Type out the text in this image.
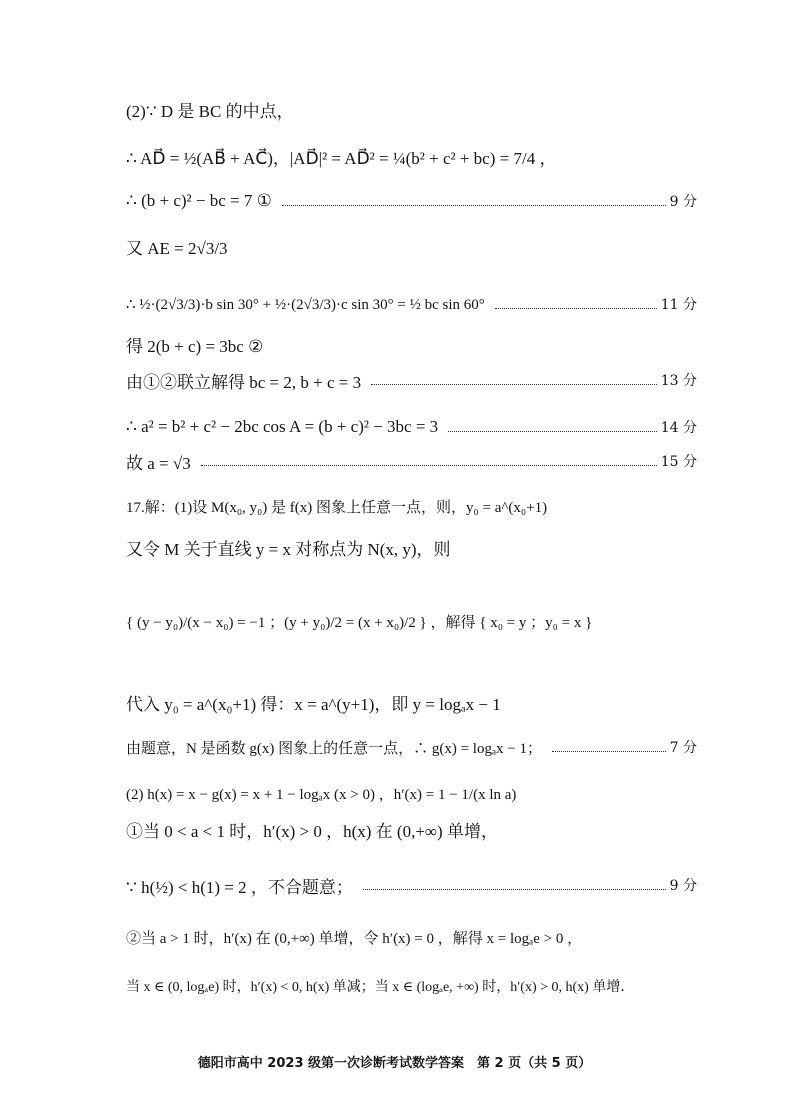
(2)∵ D 是 BC 的中点，
∴ AD⃗ = ½(AB⃗ + AC⃗)，|AD⃗|² = AD⃗² = ¼(b² + c² + bc) = 7/4 ，
∴ (b + c)² − bc = 7 ①	9 分
又 AE = 2√3/3
∴ ½·(2√3/3)·b sin 30° + ½·(2√3/3)·c sin 30° = ½ bc sin 60°	11 分
得 2(b + c) = 3bc ②
由①②联立解得 bc = 2, b + c = 3	13 分
∴ a² = b² + c² − 2bc cos A = (b + c)² − 3bc = 3	14 分
故 a = √3	15 分
17.解：(1)设 M(x₀, y₀) 是 f(x) 图象上任意一点，则，y₀ = a^(x₀+1)
又令 M 关于直线 y = x 对称点为 N(x, y)，则
{ (y − y₀)/(x − x₀) = −1 ；(y + y₀)/2 = (x + x₀)/2 } ，解得 { x₀ = y ；y₀ = x }
代入 y₀ = a^(x₀+1) 得：x = a^(y+1)，即 y = logₐx − 1
由题意，N 是函数 g(x) 图象上的任意一点，∴ g(x) = logₐx − 1；	7 分
(2) h(x) = x − g(x) = x + 1 − logₐx (x > 0) ，h′(x) = 1 − 1/(x ln a)
①当 0 < a < 1 时，h′(x) > 0 ，h(x) 在 (0,+∞) 单增，
∵ h(½) < h(1) = 2 ，不合题意；	9 分
②当 a > 1 时，h′(x) 在 (0,+∞) 单增，令 h′(x) = 0 ，解得 x = logₐe > 0 ，
当 x ∈ (0, logₐe) 时，h′(x) < 0, h(x) 单减；当 x ∈ (logₐe, +∞) 时，h′(x) > 0, h(x) 单增．
德阳市高中 2023 级第一次诊断考试数学答案　第 2 页（共 5 页）
